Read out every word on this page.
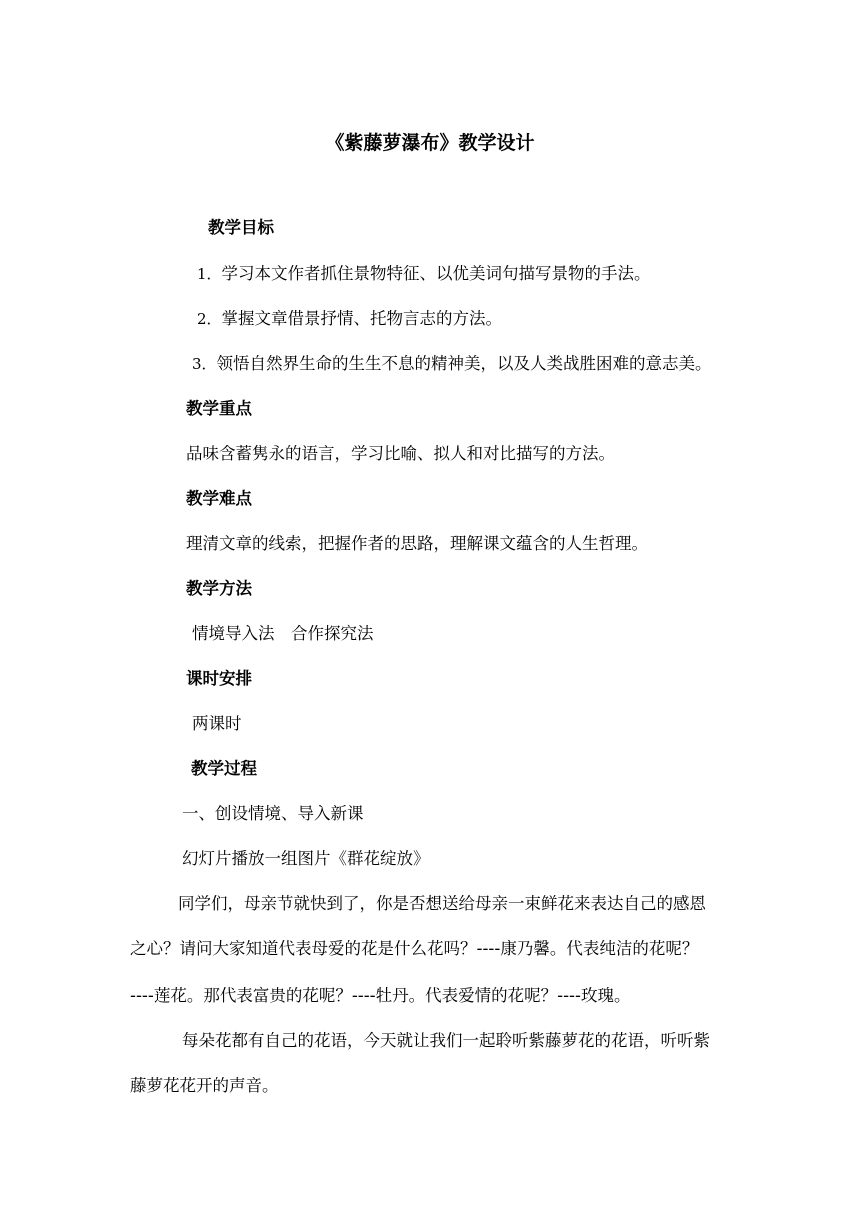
《紫藤萝瀑布》教学设计
教学目标
1．学习本文作者抓住景物特征、以优美词句描写景物的手法。
2．掌握文章借景抒情、托物言志的方法。
3．领悟自然界生命的生生不息的精神美，以及人类战胜困难的意志美。
教学重点
品味含蓄隽永的语言，学习比喻、拟人和对比描写的方法。
教学难点
理清文章的线索，把握作者的思路，理解课文蕴含的人生哲理。
教学方法
情境导入法　合作探究法
课时安排
两课时
教学过程
一、创设情境、导入新课
幻灯片播放一组图片《群花绽放》
同学们，母亲节就快到了，你是否想送给母亲一束鲜花来表达自己的感恩
之心？请问大家知道代表母爱的花是什么花吗？----康乃馨。代表纯洁的花呢？
----莲花。那代表富贵的花呢？----牡丹。代表爱情的花呢？----玫瑰。
每朵花都有自己的花语，今天就让我们一起聆听紫藤萝花的花语，听听紫
藤萝花花开的声音。
